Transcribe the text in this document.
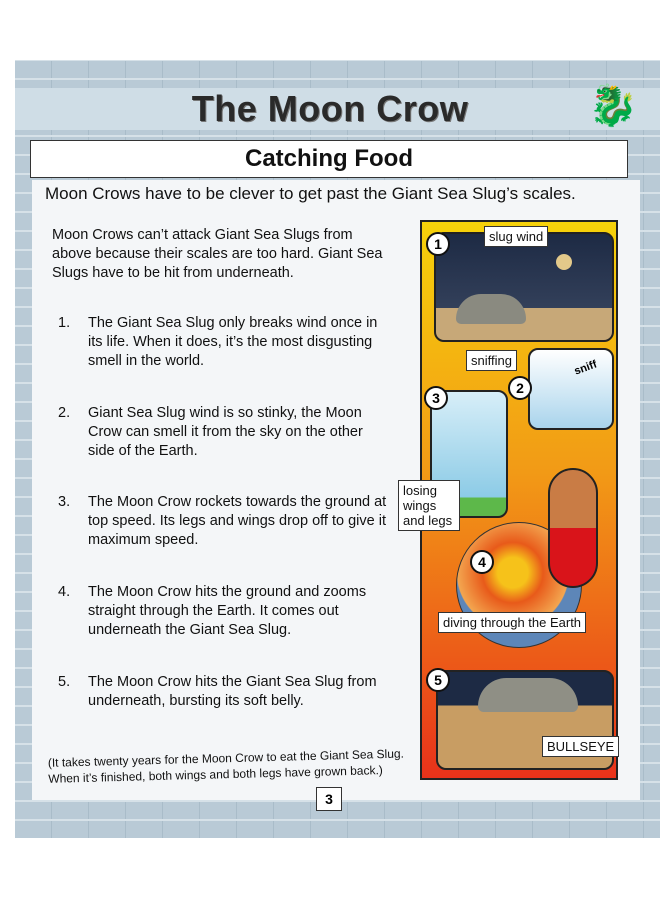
The Moon Crow	🐉
Catching Food
Moon Crows have to be clever to get past the Giant Sea Slug’s scales.
Moon Crows can’t attack Giant Sea Slugs from above because their scales are too hard. Giant Sea Slugs have to be hit from underneath.
1.	The Giant Sea Slug only breaks wind once in its life. When it does, it’s the most disgusting smell in the world.
2.	Giant Sea Slug wind is so stinky, the Moon Crow can smell it from the sky on the other side of the Earth.
3.	The Moon Crow rockets towards the ground at top speed. Its legs and wings drop off to give it maximum speed.
4.	The Moon Crow hits the ground and zooms straight through the Earth. It comes out underneath the Giant Sea Slug.
5.	The Moon Crow hits the Giant Sea Slug from underneath, bursting its soft belly.
(It takes twenty years for the Moon Crow to eat the Giant Sea Slug. When it’s finished, both wings and both legs have grown back.)
3
sniff
1
2
3
4
5
slug wind
sniffing
losing wings and legs
diving through the Earth
BULLSEYE
